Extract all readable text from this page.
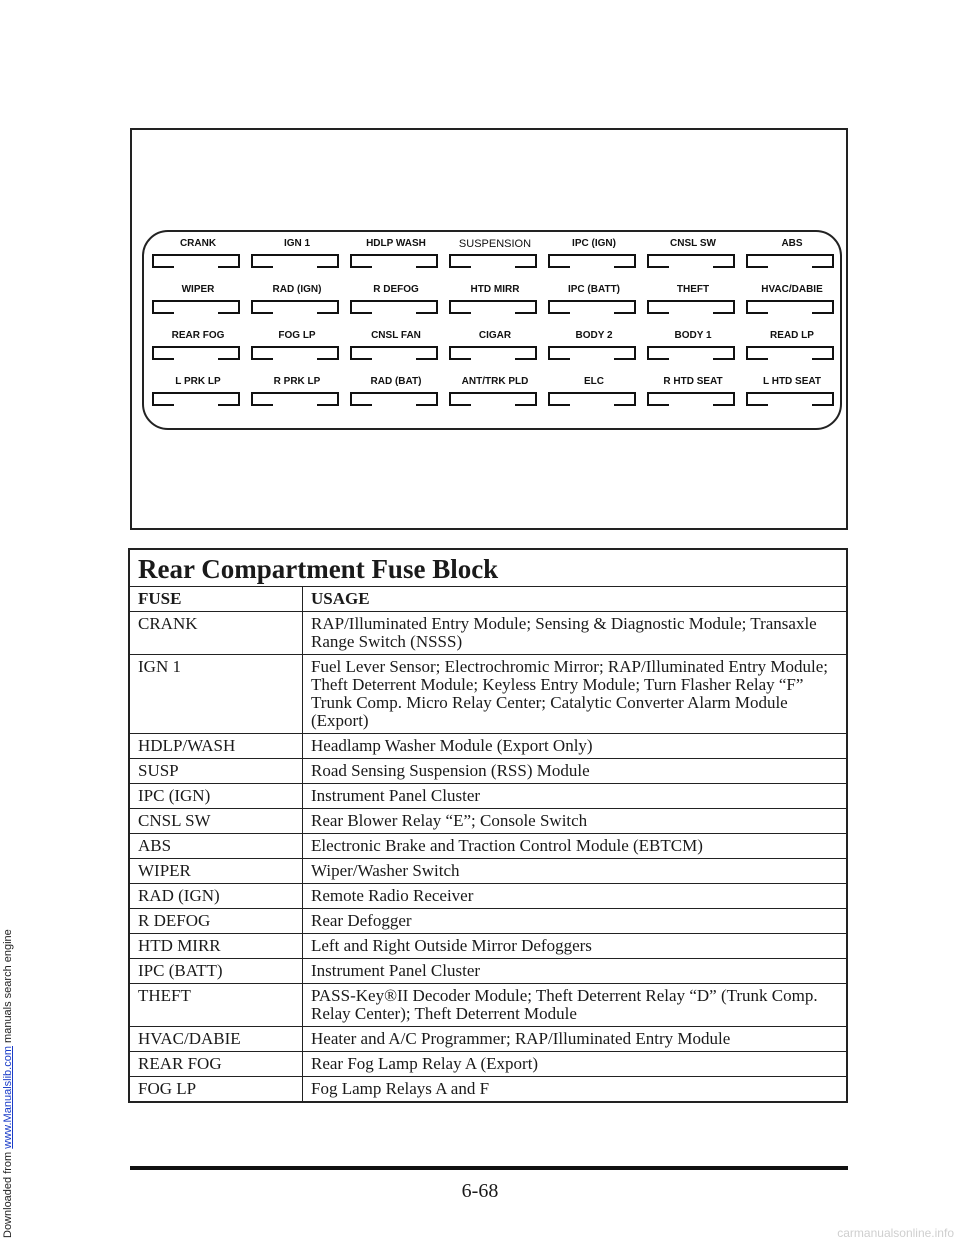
Downloaded from www.Manualslib.com manuals search engine
CRANK	IGN 1	HDLP WASH	SUSPENSION	IPC (IGN)	CNSL SW	ABS
WIPER	RAD (IGN)	R DEFOG	HTD MIRR	IPC (BATT)	THEFT	HVAC/DABIE
REAR FOG	FOG LP	CNSL FAN	CIGAR	BODY 2	BODY 1	READ LP
L PRK LP	R PRK LP	RAD (BAT)	ANT/TRK PLD	ELC	R HTD SEAT	L HTD SEAT
Rear Compartment Fuse Block	
FUSE	USAGE
CRANK	RAP/Illuminated Entry Module; Sensing & Diagnostic Module; Transaxle Range Switch (NSSS)
IGN 1	Fuel Lever Sensor; Electrochromic Mirror; RAP/Illuminated Entry Module; Theft Deterrent Module; Keyless Entry Module; Turn Flasher Relay “F” Trunk Comp. Micro Relay Center; Catalytic Converter Alarm Module (Export)
HDLP/WASH	Headlamp Washer Module (Export Only)
SUSP	Road Sensing Suspension (RSS) Module
IPC (IGN)	Instrument Panel Cluster
CNSL SW	Rear Blower Relay “E”; Console Switch
ABS	Electronic Brake and Traction Control Module (EBTCM)
WIPER	Wiper/Washer Switch
RAD (IGN)	Remote Radio Receiver
R DEFOG	Rear Defogger
HTD MIRR	Left and Right Outside Mirror Defoggers
IPC (BATT)	Instrument Panel Cluster
THEFT	PASS-Key®II Decoder Module; Theft Deterrent Relay “D” (Trunk Comp. Relay Center); Theft Deterrent Module
HVAC/DABIE	Heater and A/C Programmer; RAP/Illuminated Entry Module
REAR FOG	Rear Fog Lamp Relay A (Export)
FOG LP	Fog Lamp Relays A and F
6-68
carmanualsonline.info
